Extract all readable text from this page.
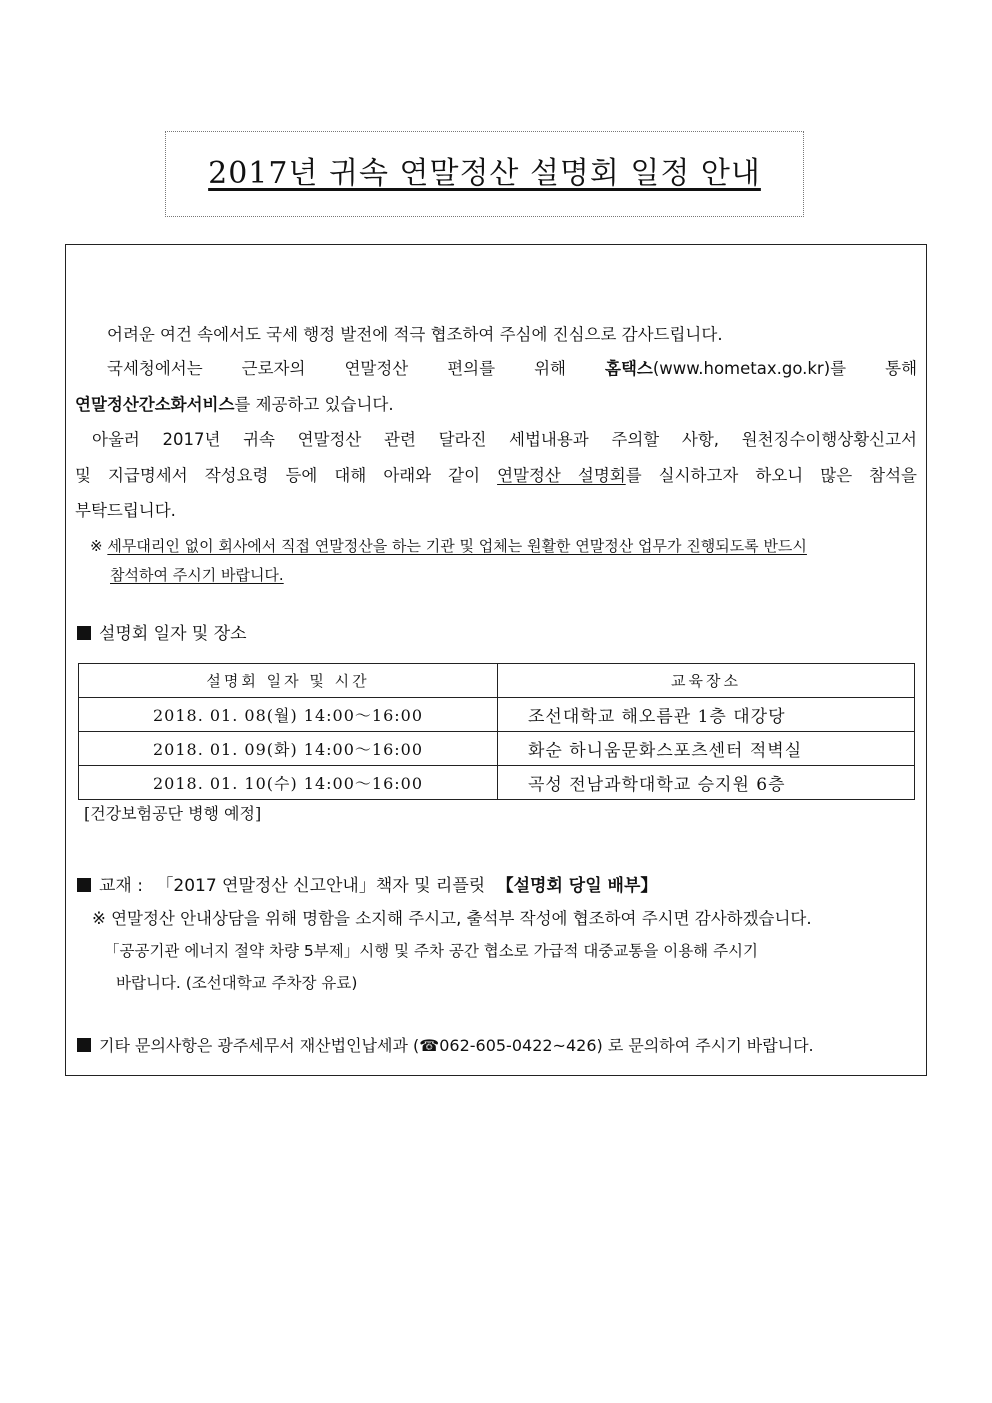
2017년 귀속 연말정산 설명회 일정 안내
어려운 여건 속에서도 국세 행정 발전에 적극 협조하여 주심에 진심으로 감사드립니다.
국세청에서는 근로자의 연말정산 편의를 위해 홈택스(www.hometax.go.kr)를 통해
연말정산간소화서비스를 제공하고 있습니다.
아울러 2017년 귀속 연말정산 관련 달라진 세법내용과 주의할 사항, 원천징수이행상황신고서
및 지급명세서 작성요령 등에 대해 아래와 같이 연말정산 설명회를 실시하고자 하오니 많은 참석을
부탁드립니다.
※ 세무대리인 없이 회사에서 직접 연말정산을 하는 기관 및 업체는 원활한 연말정산 업무가 진행되도록 반드시
참석하여 주시기 바랍니다.
설명회 일자 및 장소
설명회 일자 및 시간	교육장소
2018. 01. 08(월) 14:00～16:00	조선대학교 해오름관 1층 대강당
2018. 01. 09(화) 14:00～16:00	화순 하니움문화스포츠센터 적벽실
2018. 01. 10(수) 14:00～16:00	곡성 전남과학대학교 승지원 6층
[건강보험공단 병행 예정]
교재 : 「2017 연말정산 신고안내」책자 및 리플릿 【설명회 당일 배부】
※ 연말정산 안내상담을 위해 명함을 소지해 주시고, 출석부 작성에 협조하여 주시면 감사하겠습니다.
「공공기관 에너지 절약 차량 5부제」시행 및 주차 공간 협소로 가급적 대중교통을 이용해 주시기
바랍니다. (조선대학교 주차장 유료)
기타 문의사항은 광주세무서 재산법인납세과 (☎062-605-0422~426) 로 문의하여 주시기 바랍니다.
